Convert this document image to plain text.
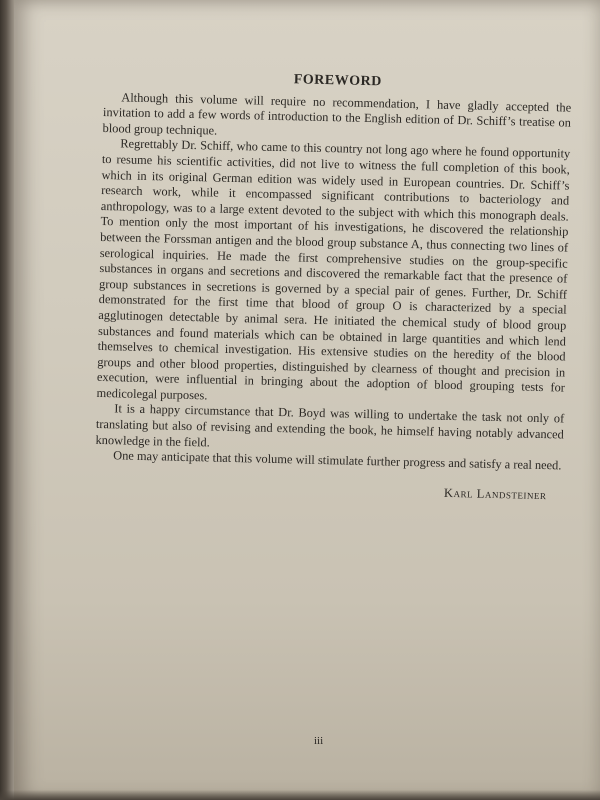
FOREWORD

Although this volume will require no recommendation, I have gladly accepted the invitation to add a few words of introduction to the English edition of Dr. Schiff’s treatise on blood group technique.

Regrettably Dr. Schiff, who came to this country not long ago where he found opportunity to resume his scientific activities, did not live to witness the full completion of this book, which in its original German edition was widely used in European countries. Dr. Schiff’s research work, while it encompassed significant contributions to bacteriology and anthropology, was to a large extent devoted to the subject with which this monograph deals. To mention only the most important of his investigations, he discovered the relationship between the Forssman antigen and the blood group substance A, thus connecting two lines of serological inquiries. He made the first comprehensive studies on the group-specific substances in organs and secretions and discovered the remarkable fact that the presence of group substances in secretions is governed by a special pair of genes. Further, Dr. Schiff demonstrated for the first time that blood of group O is characterized by a special agglutinogen detectable by animal sera. He initiated the chemical study of blood group substances and found materials which can be obtained in large quantities and which lend themselves to chemical investigation. His extensive studies on the heredity of the blood groups and other blood properties, distinguished by clearness of thought and precision in execution, were influential in bringing about the adoption of blood grouping tests for medicolegal purposes.

It is a happy circumstance that Dr. Boyd was willing to undertake the task not only of translating but also of revising and extending the book, he himself having notably advanced knowledge in the field.

One may anticipate that this volume will stimulate further progress and satisfy a real need.

Karl Landsteiner
iii
